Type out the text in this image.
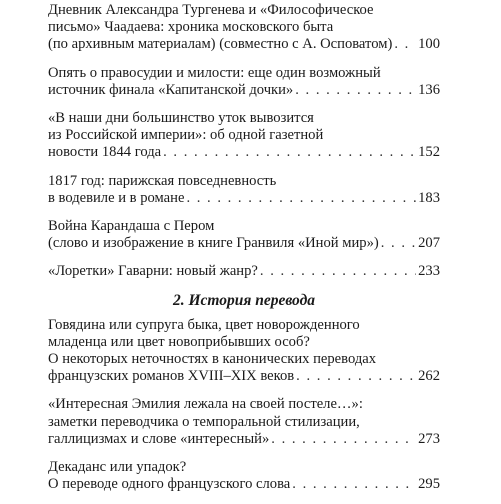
Дневник Александра Тургенева и «Философическое
письмо» Чаадаева: хроника московского быта
(по архивным материалам) (совместно с А. Осповатом) . . . 100
Опять о правосудии и милости: еще один возможный
источник финала «Капитанской дочки» . . .	136
«В наши дни большинство уток вывозится
из Российской империи»: об одной газетной
новости 1844 года . . .	152
1817 год: парижская повседневность
в водевиле и в романе . . .	183
Война Карандаша с Пером
(слово и изображение в книге Гранвиля «Иной мир») . . .	207
«Лоретки» Гаварни: новый жанр? . . .	233
2. История перевода
Говядина или супруга быка, цвет новорожденного
младенца или цвет новоприбывших особ?
О некоторых неточностях в канонических переводах
французских романов XVIII–XIX веков . . .	262
«Интересная Эмилия лежала на своей постеле…»:
заметки переводчика о темпоральной стилизации,
галлицизмах и слове «интересный» . . .	273
Декаданс или упадок?
О переводе одного французского слова . . .	295
